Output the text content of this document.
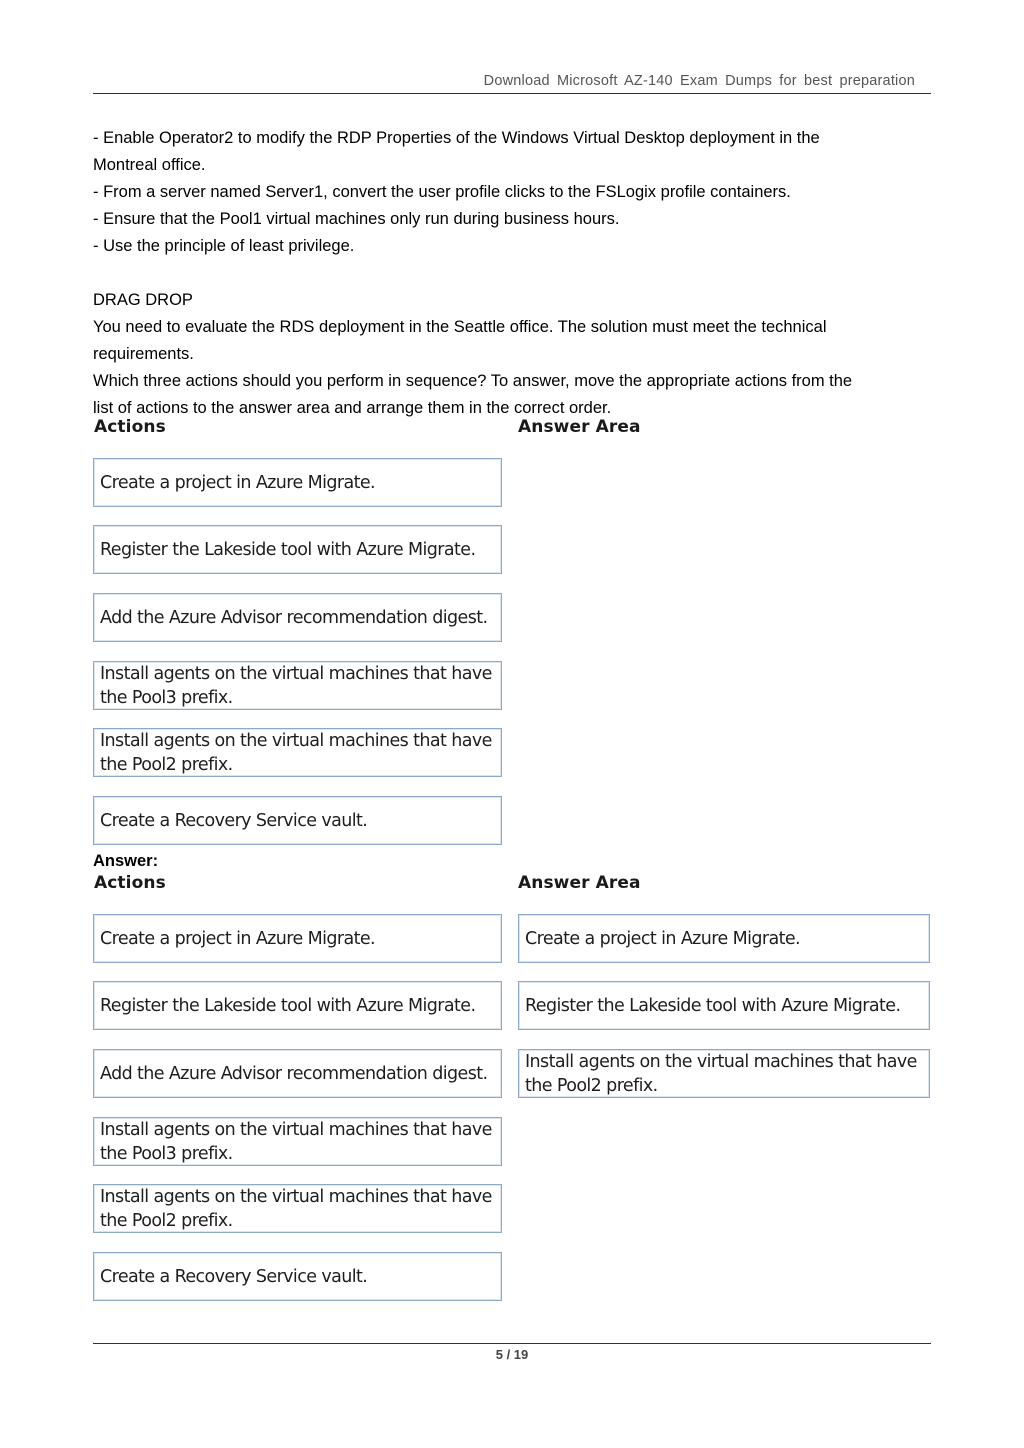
Download Microsoft AZ-140 Exam Dumps for best preparation

- Enable Operator2 to modify the RDP Properties of the Windows Virtual Desktop deployment in the

Montreal office.

- From a server named Server1, convert the user profile clicks to the FSLogix profile containers.

- Ensure that the Pool1 virtual machines only run during business hours.

- Use the principle of least privilege.

DRAG DROP

You need to evaluate the RDS deployment in the Seattle office. The solution must meet the technical

requirements.

Which three actions should you perform in sequence? To answer, move the appropriate actions from the

list of actions to the answer area and arrange them in the correct order.

Actions	Answer Area
Create a project in Azure Migrate.
Register the Lakeside tool with Azure Migrate.
Add the Azure Advisor recommendation digest.
Install agents on the virtual machines that have the Pool3 prefix.
Install agents on the virtual machines that have the Pool2 prefix.
Create a Recovery Service vault.
Answer:
Actions	Answer Area
Create a project in Azure Migrate.
Register the Lakeside tool with Azure Migrate.
Add the Azure Advisor recommendation digest.
Install agents on the virtual machines that have the Pool3 prefix.
Install agents on the virtual machines that have the Pool2 prefix.
Create a Recovery Service vault.
Create a project in Azure Migrate.
Register the Lakeside tool with Azure Migrate.
Install agents on the virtual machines that have the Pool2 prefix.
5 / 19
